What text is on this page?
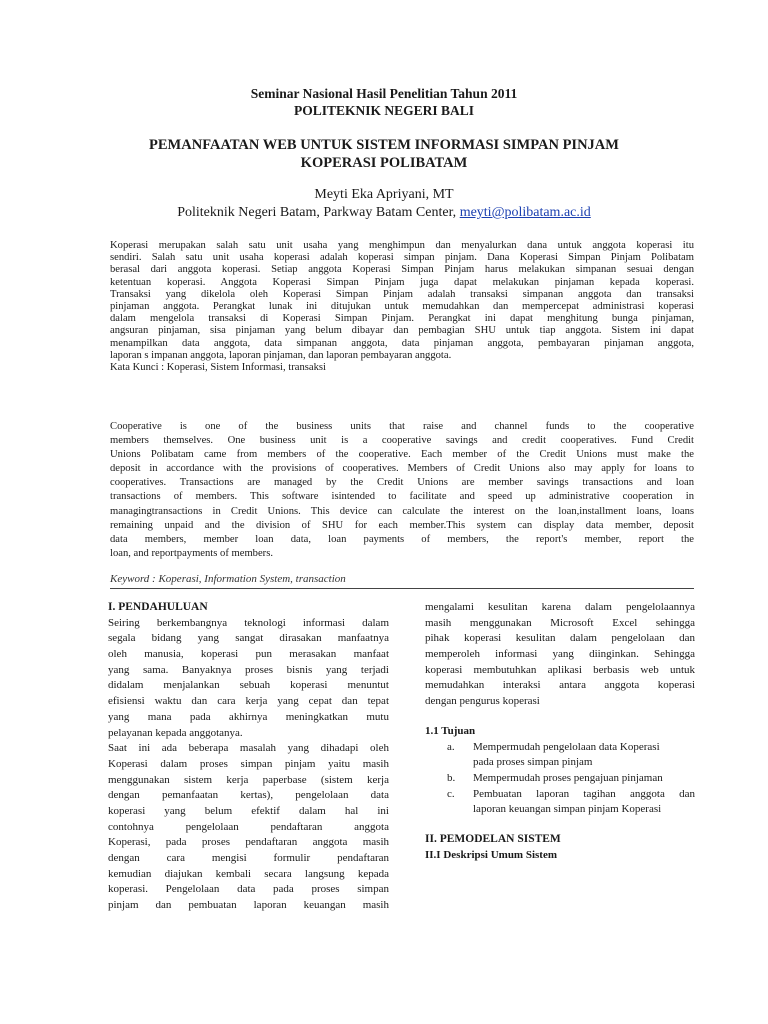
Seminar Nasional Hasil Penelitian Tahun 2011
POLITEKNIK NEGERI BALI
PEMANFAATAN WEB UNTUK SISTEM INFORMASI SIMPAN PINJAM
KOPERASI POLIBATAM
Meyti Eka Apriyani, MT
Politeknik Negeri Batam, Parkway Batam Center, meyti@polibatam.ac.id
Koperasi merupakan salah satu unit usaha yang menghimpun dan menyalurkan dana untuk anggota koperasi itu
sendiri. Salah satu unit usaha koperasi adalah koperasi simpan pinjam. Dana Koperasi Simpan Pinjam Polibatam
berasal dari anggota koperasi. Setiap anggota Koperasi Simpan Pinjam harus melakukan simpanan sesuai dengan
ketentuan koperasi. Anggota Koperasi Simpan Pinjam juga dapat melakukan pinjaman kepada koperasi.
Transaksi yang dikelola oleh Koperasi Simpan Pinjam adalah transaksi simpanan anggota dan transaksi
pinjaman anggota. Perangkat lunak ini ditujukan untuk memudahkan dan mempercepat administrasi koperasi
dalam mengelola transaksi di Koperasi Simpan Pinjam. Perangkat ini dapat menghitung bunga pinjaman,
angsuran pinjaman, sisa pinjaman yang belum dibayar dan pembagian SHU untuk tiap anggota. Sistem ini dapat
menampilkan data anggota, data simpanan anggota, data pinjaman anggota, pembayaran pinjaman anggota,
laporan s impanan anggota, laporan pinjaman, dan laporan pembayaran anggota.
Kata Kunci : Koperasi, Sistem Informasi, transaksi
Cooperative is one of the business units that raise and channel funds to the cooperative
members themselves. One business unit is a cooperative savings and credit cooperatives. Fund Credit
Unions Polibatam came from members of the cooperative. Each member of the Credit Unions must make the
deposit in accordance with the provisions of cooperatives. Members of Credit Unions also may apply for loans to
cooperatives. Transactions are managed by the Credit Unions are member savings transactions and loan
transactions of members. This software isintended to facilitate and speed up administrative cooperation in
managingtransactions in Credit Unions. This device can calculate the interest on the loan,installment loans, loans
remaining unpaid and the division of SHU for each member.This system can display data member, deposit
data members, member loan data, loan payments of members, the report's member, report the
loan, and reportpayments of members.
Keyword : Koperasi, Information System, transaction
I. PENDAHULUAN
Seiring berkembangnya teknologi informasi dalam
segala bidang yang sangat dirasakan manfaatnya
oleh manusia, koperasi pun merasakan manfaat
yang sama. Banyaknya proses bisnis yang terjadi
didalam menjalankan sebuah koperasi menuntut
efisiensi waktu dan cara kerja yang cepat dan tepat
yang mana pada akhirnya meningkatkan mutu
pelayanan kepada anggotanya.
Saat ini ada beberapa masalah yang dihadapi oleh
Koperasi dalam proses simpan pinjam yaitu masih
menggunakan sistem kerja paperbase (sistem kerja
dengan pemanfaatan kertas), pengelolaan data
koperasi yang belum efektif dalam hal ini
contohnya pengelolaan pendaftaran anggota
Koperasi, pada proses pendaftaran anggota masih
dengan cara mengisi formulir pendaftaran
kemudian diajukan kembali secara langsung kepada
koperasi. Pengelolaan data pada proses simpan
pinjam dan pembuatan laporan keuangan masih
mengalami kesulitan karena dalam pengelolaannya
masih menggunakan Microsoft Excel sehingga
pihak koperasi kesulitan dalam pengelolaan dan
memperoleh informasi yang diinginkan. Sehingga
koperasi membutuhkan aplikasi berbasis web untuk
memudahkan interaksi antara anggota koperasi
dengan pengurus koperasi
1.1 Tujuan
a. Mempermudah pengelolaan data Koperasi
pada proses simpan pinjam
b. Mempermudah proses pengajuan pinjaman
c. Pembuatan laporan tagihan anggota dan
laporan keuangan simpan pinjam Koperasi
II. PEMODELAN SISTEM
II.I Deskripsi Umum Sistem
